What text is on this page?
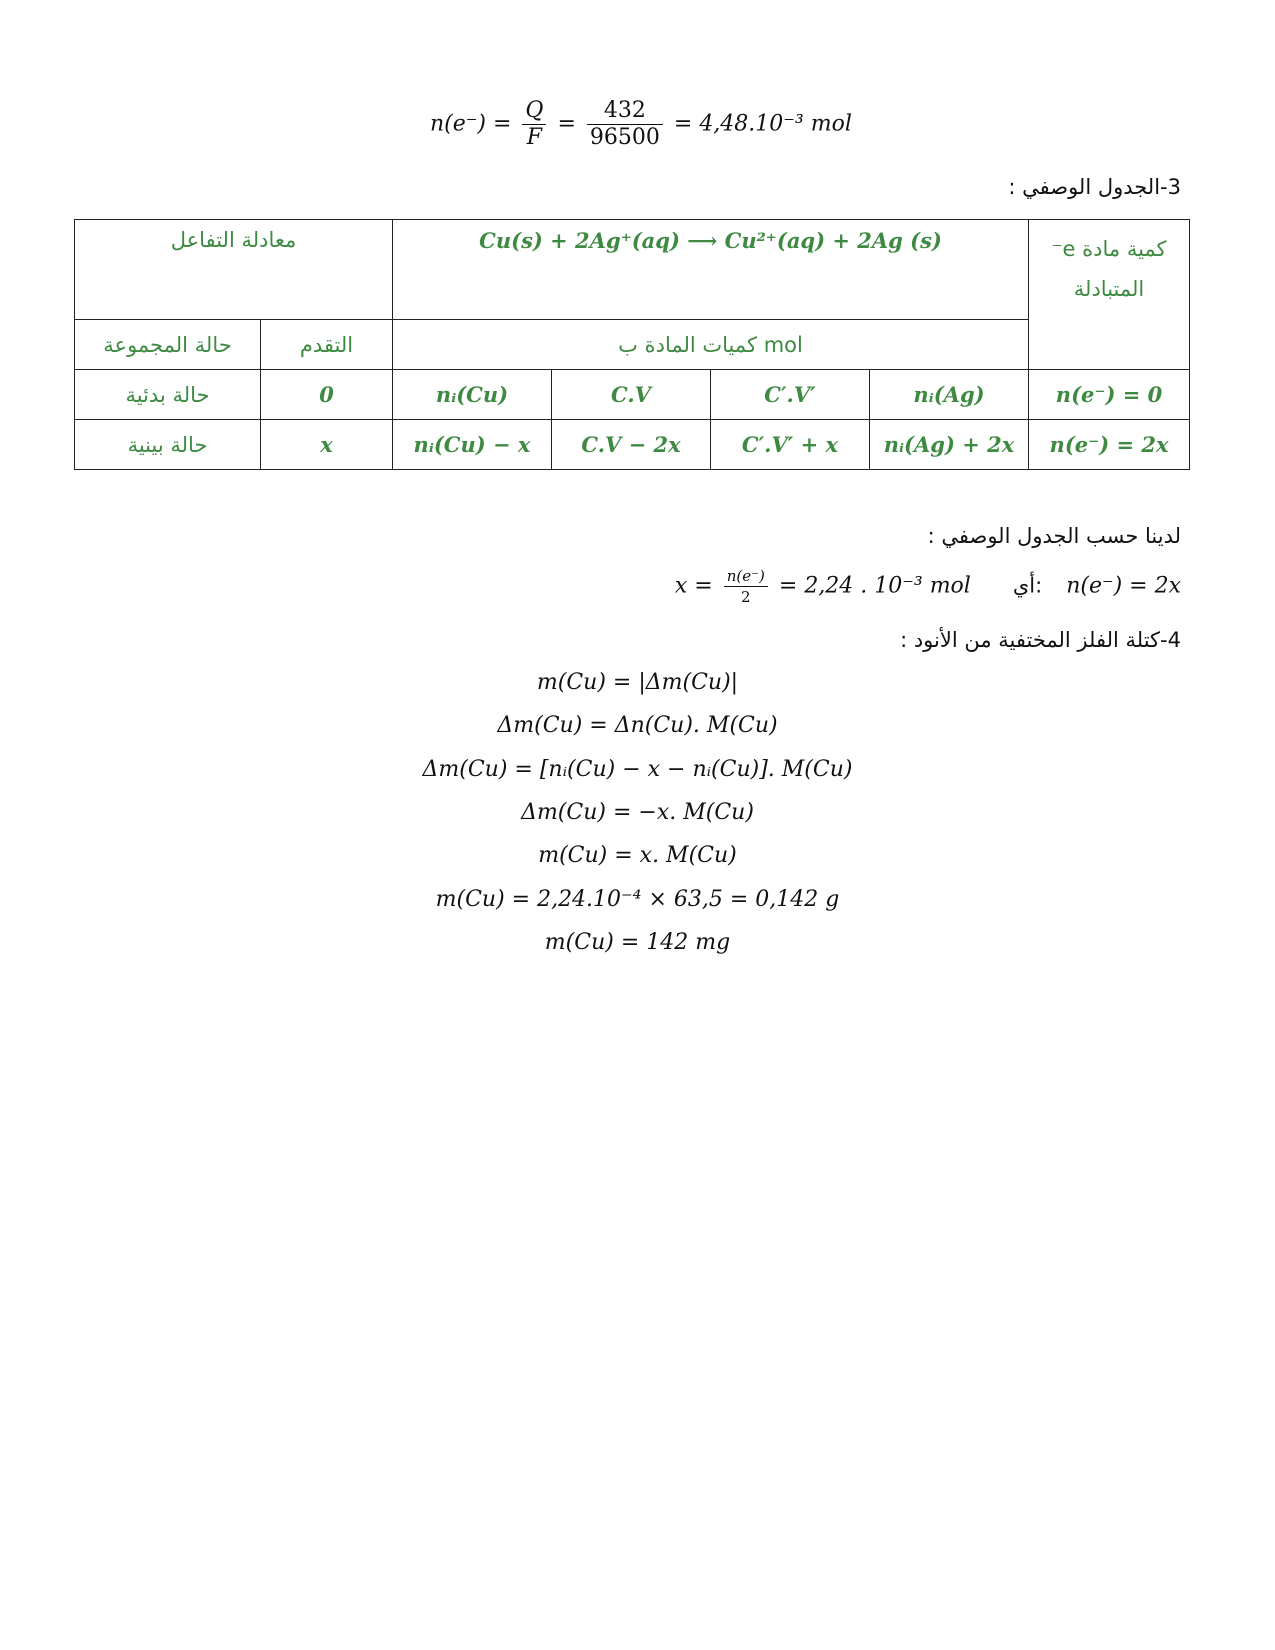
$n(e^-) = \frac{Q}{F} = \frac{432}{96500} = 4,48.10^{-3}$ mol
3-الجدول الوصفي :
معادلة التفاعل		Cu(s) + 2Ag⁺(aq) ⟶ Cu²⁺(aq) + 2Ag (s)				كمية مادة e⁻
المتبادلة

حالة المجموعة	التقدم	كميات المادة ب mol				
حالة بدئية	0	nᵢ(Cu)	C.V	C′.V′	nᵢ(Ag)	n(e⁻) = 0
حالة بينية	x	nᵢ(Cu) − x	C.V − 2x	C′.V′ + x	nᵢ(Ag) + 2x	n(e⁻) = 2x
لدينا حسب الجدول الوصفي :
$x = \frac{n(e^-)}{2} = 2,24$ . 10⁻³ mol أي: n(e⁻) = 2x
4-كتلة الفلز المختفية من الأنود :
m(Cu) = |Δm(Cu)|
Δm(Cu) = Δn(Cu). M(Cu)
Δm(Cu) = [nᵢ(Cu) − x − nᵢ(Cu)]. M(Cu)
Δm(Cu) = −x. M(Cu)
m(Cu) = x. M(Cu)
m(Cu) = 2,24.10⁻⁴ × 63,5 = 0,142 g
m(Cu) = 142 mg
